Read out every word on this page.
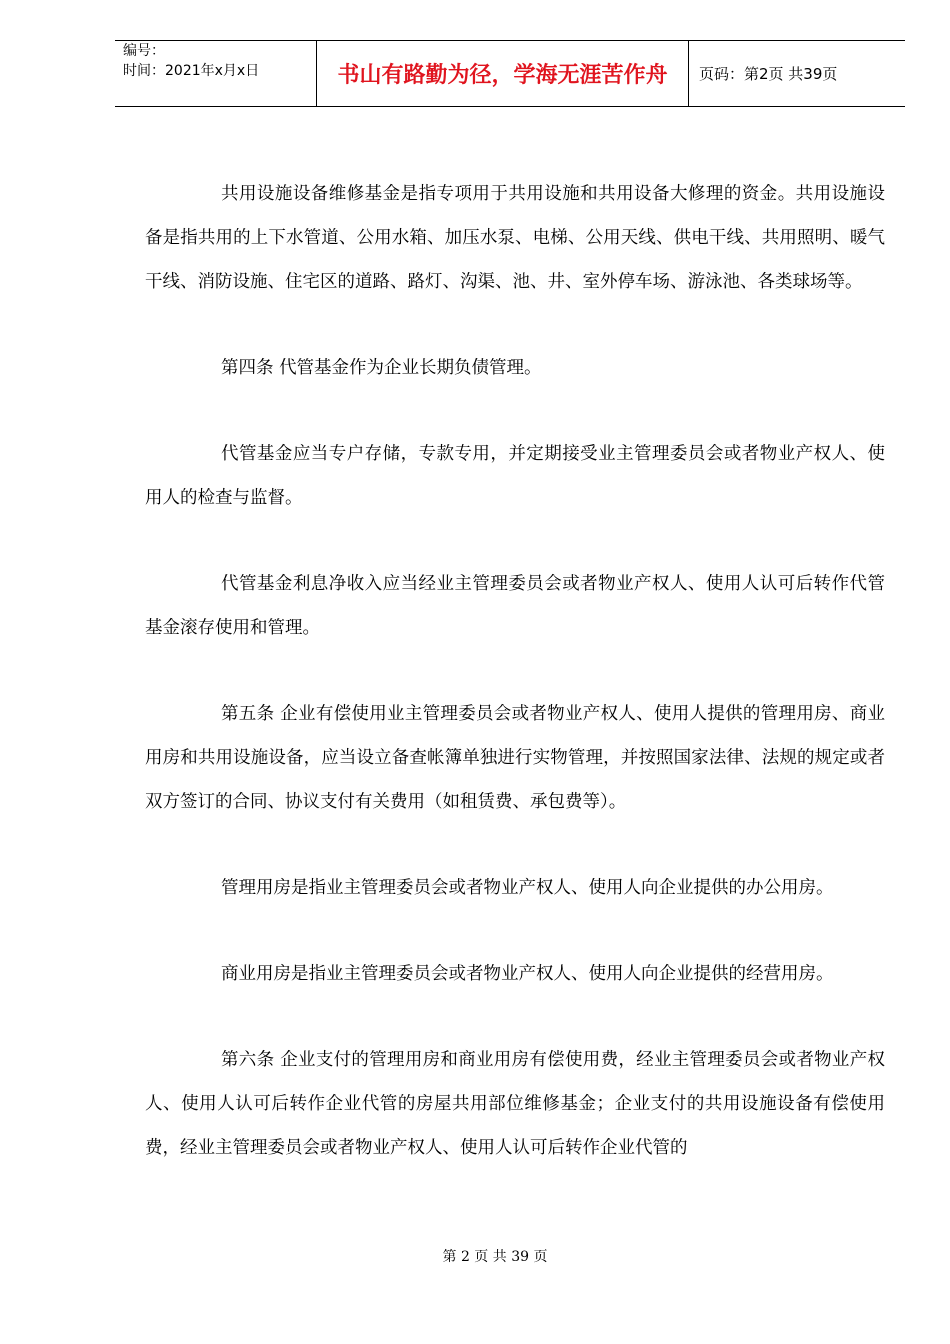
编号：
时间：2021年x月x日	书山有路勤为径，学海无涯苦作舟	页码：第2页 共39页

共用设施设备维修基金是指专项用于共用设施和共用设备大修理的资金。共用设施设备是指共用的上下水管道、公用水箱、加压水泵、电梯、公用天线、供电干线、共用照明、暖气干线、消防设施、住宅区的道路、路灯、沟渠、池、井、室外停车场、游泳池、各类球场等。

第四条 代管基金作为企业长期负债管理。

代管基金应当专户存储，专款专用，并定期接受业主管理委员会或者物业产权人、使用人的检查与监督。

代管基金利息净收入应当经业主管理委员会或者物业产权人、使用人认可后转作代管基金滚存使用和管理。

第五条 企业有偿使用业主管理委员会或者物业产权人、使用人提供的管理用房、商业用房和共用设施设备，应当设立备查帐簿单独进行实物管理，并按照国家法律、法规的规定或者双方签订的合同、协议支付有关费用（如租赁费、承包费等）。

管理用房是指业主管理委员会或者物业产权人、使用人向企业提供的办公用房。

商业用房是指业主管理委员会或者物业产权人、使用人向企业提供的经营用房。

第六条 企业支付的管理用房和商业用房有偿使用费，经业主管理委员会或者物业产权人、使用人认可后转作企业代管的房屋共用部位维修基金；企业支付的共用设施设备有偿使用费，经业主管理委员会或者物业产权人、使用人认可后转作企业代管的

第 2 页 共 39 页
